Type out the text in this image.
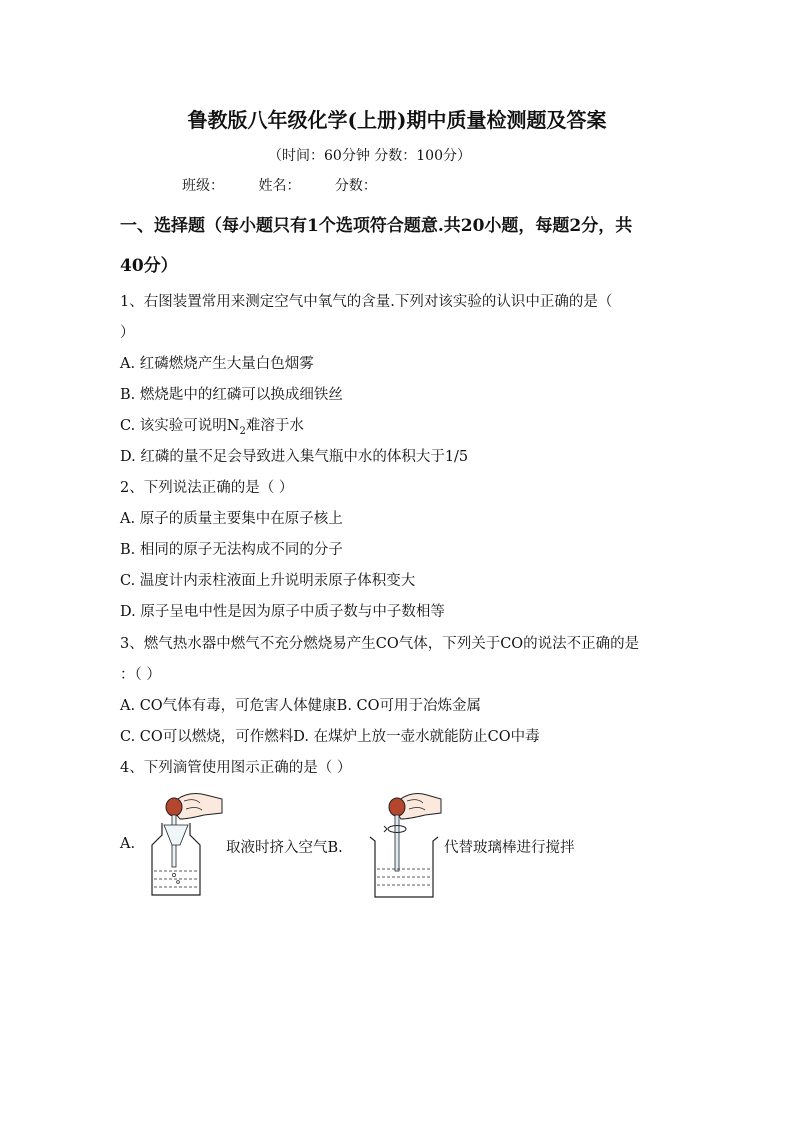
鲁教版八年级化学(上册)期中质量检测题及答案
（时间：60分钟 分数：100分）
班级： 姓名： 分数：
一、选择题（每小题只有1个选项符合题意.共20小题，每题2分，共
40分）
1、右图装置常用来测定空气中氧气的含量.下列对该实验的认识中正确的是（
）
A. 红磷燃烧产生大量白色烟雾
B. 燃烧匙中的红磷可以换成细铁丝
C. 该实验可说明$N_2$难溶于水
D. 红磷的量不足会导致进入集气瓶中水的体积大于1/5
2、下列说法正确的是（ ）
A. 原子的质量主要集中在原子核上
B. 相同的原子无法构成不同的分子
C. 温度计内汞柱液面上升说明汞原子体积变大
D. 原子呈电中性是因为原子中质子数与中子数相等
3、燃气热水器中燃气不充分燃烧易产生CO气体，下列关于CO的说法不正确的是
：（ ）
A. CO气体有毒，可危害人体健康B. CO可用于冶炼金属
C. CO可以燃烧，可作燃料D. 在煤炉上放一壶水就能防止CO中毒
4、下列滴管使用图示正确的是（ ）
A.	取液时挤入空气B.	代替玻璃棒进行搅拌
